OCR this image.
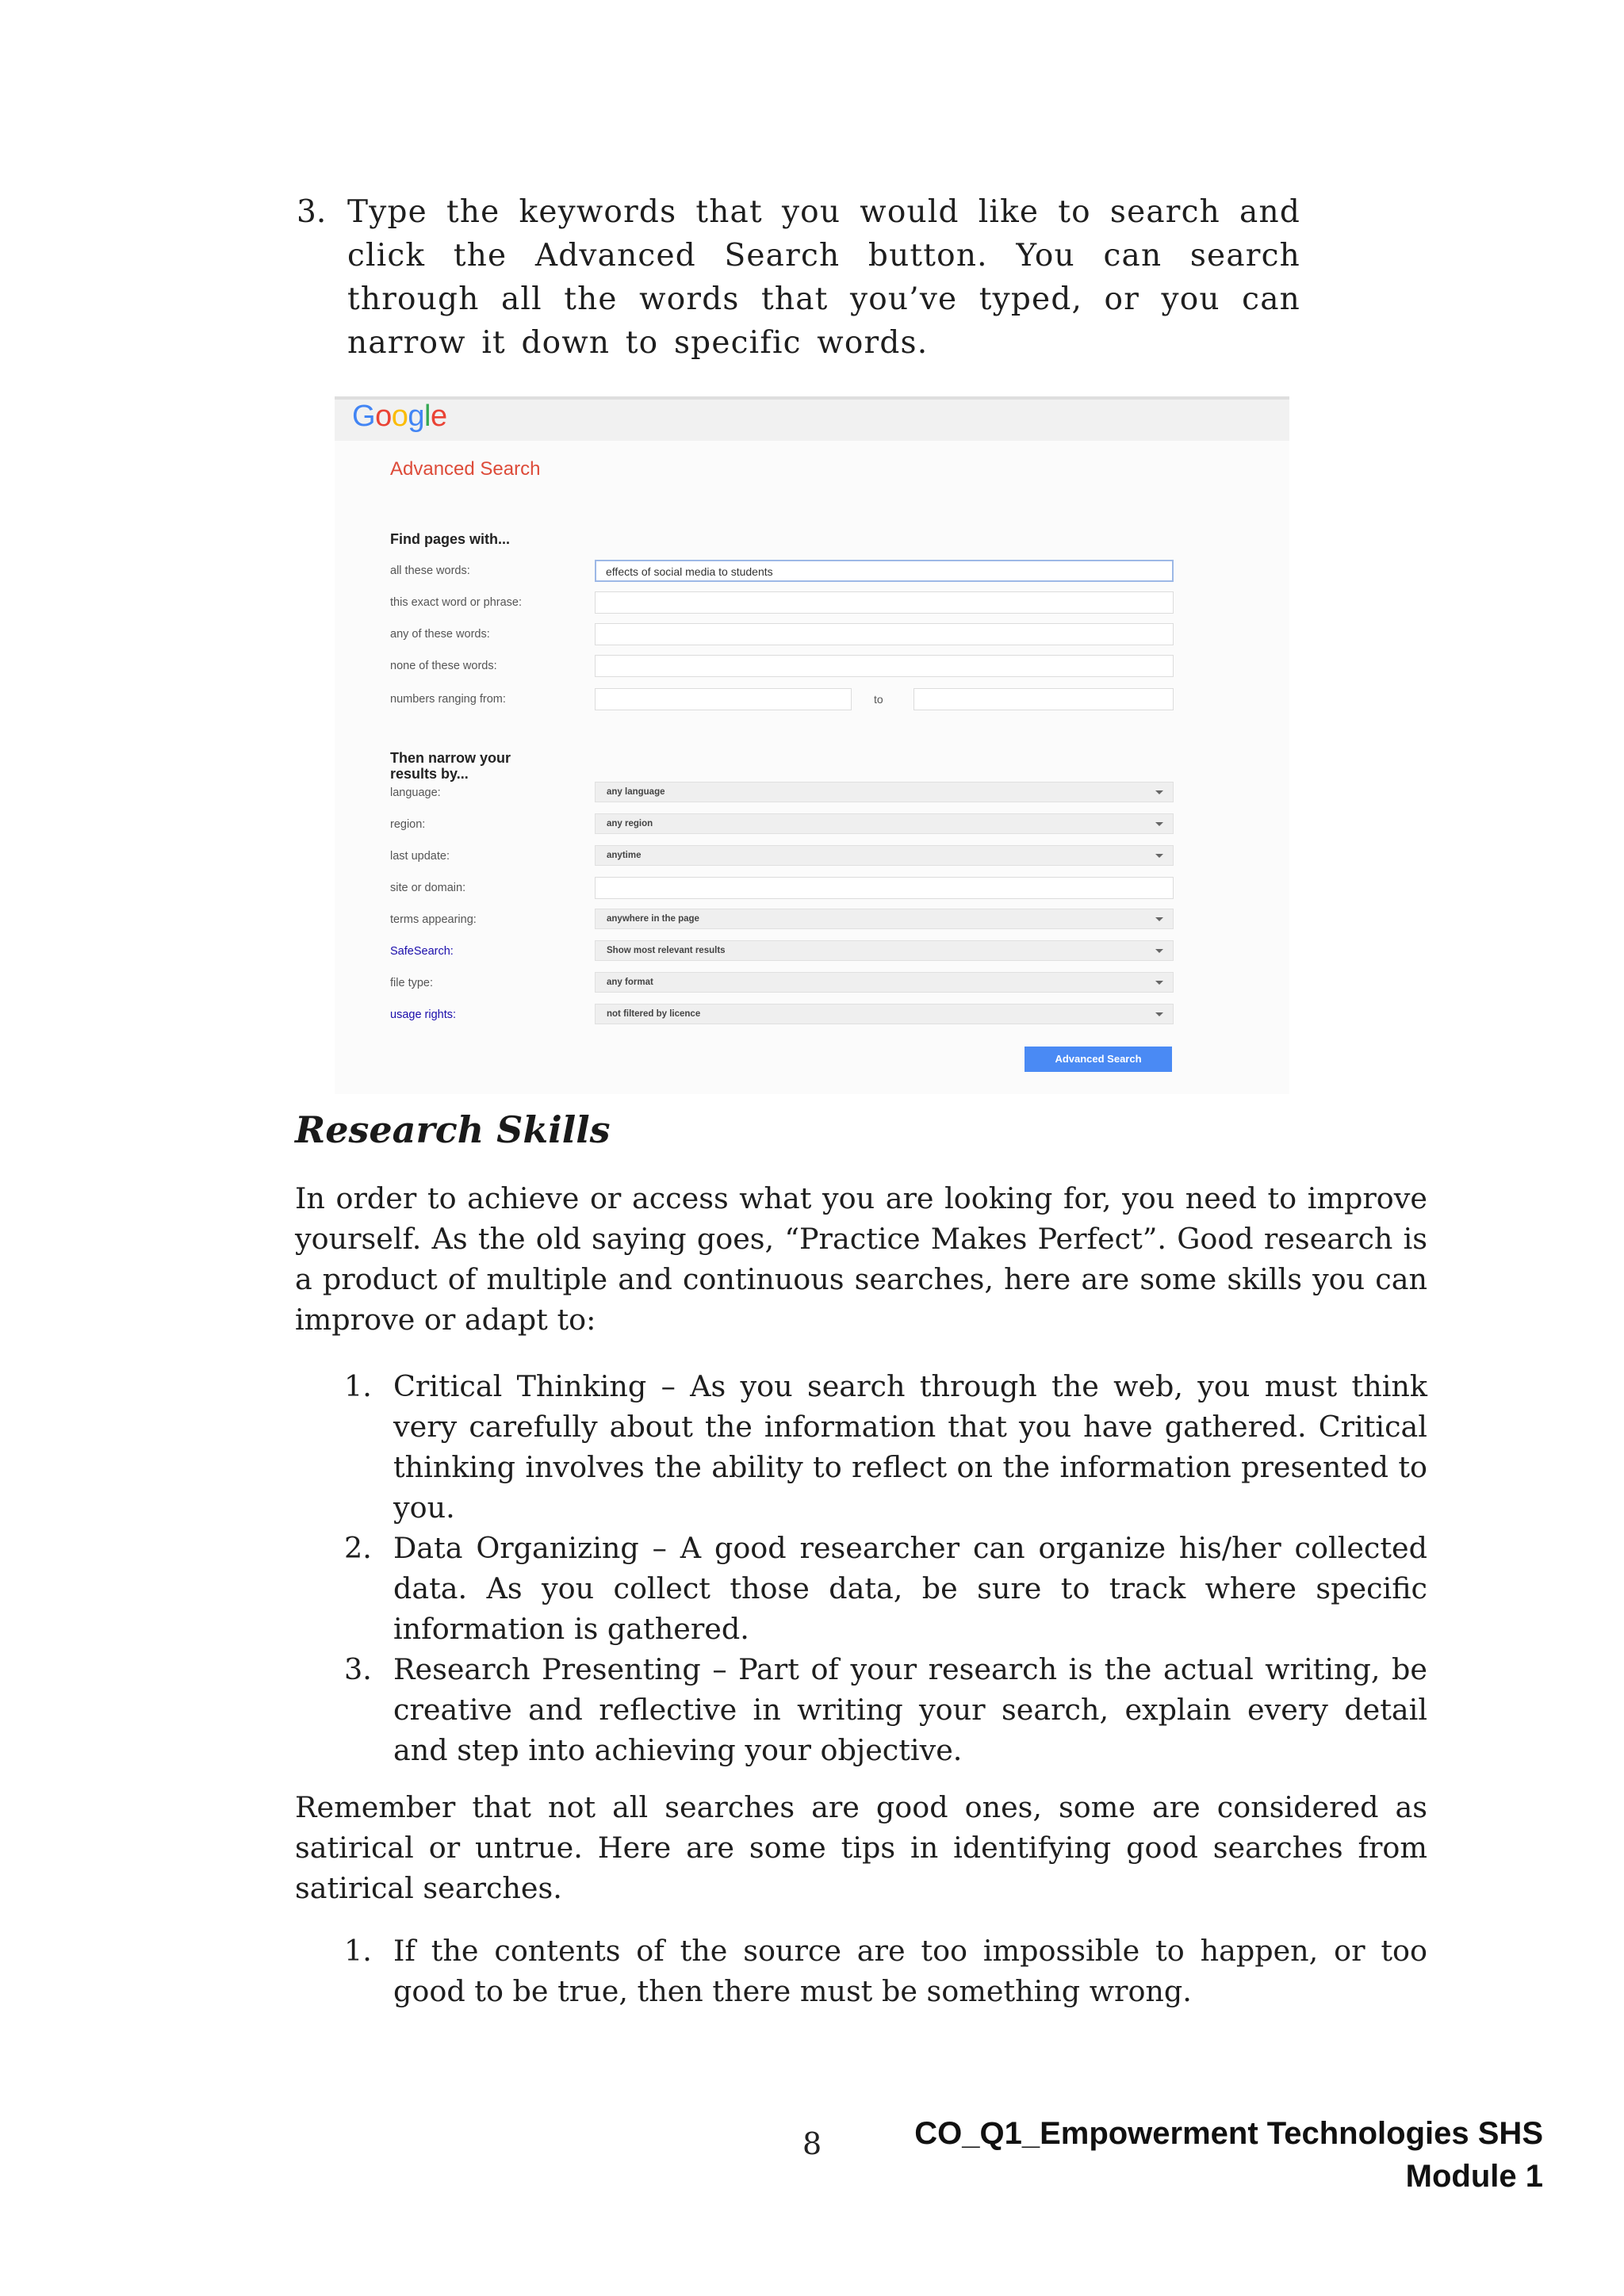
3. Type the keywords that you would like to search and click the Advanced Search button. You can search through all the words that you’ve typed, or you can narrow it down to specific words.
Google
Advanced Search
Find pages with...
all these words:	effects of social media to students
this exact word or phrase:
any of these words:
none of these words:
numbers ranging from:	to
Then narrow your
results by...
language:	any language
region:	any region
last update:	anytime
site or domain:
terms appearing:	anywhere in the page
SafeSearch:	Show most relevant results
file type:	any format
usage rights:	not filtered by licence
Advanced Search
Research Skills
In order to achieve or access what you are looking for, you need to improve yourself. As the old saying goes, “Practice Makes Perfect”. Good research is a product of multiple and continuous searches, here are some skills you can improve or adapt to:
1. Critical Thinking – As you search through the web, you must think very carefully about the information that you have gathered. Critical thinking involves the ability to reflect on the information presented to you.
2. Data Organizing – A good researcher can organize his/her collected data. As you collect those data, be sure to track where specific information is gathered.
3. Research Presenting – Part of your research is the actual writing, be creative and reflective in writing your search, explain every detail and step into achieving your objective.
Remember that not all searches are good ones, some are considered as satirical or untrue. Here are some tips in identifying good searches from satirical searches.
1. If the contents of the source are too impossible to happen, or too good to be true, then there must be something wrong.
8	CO_Q1_Empowerment Technologies SHS
Module 1
